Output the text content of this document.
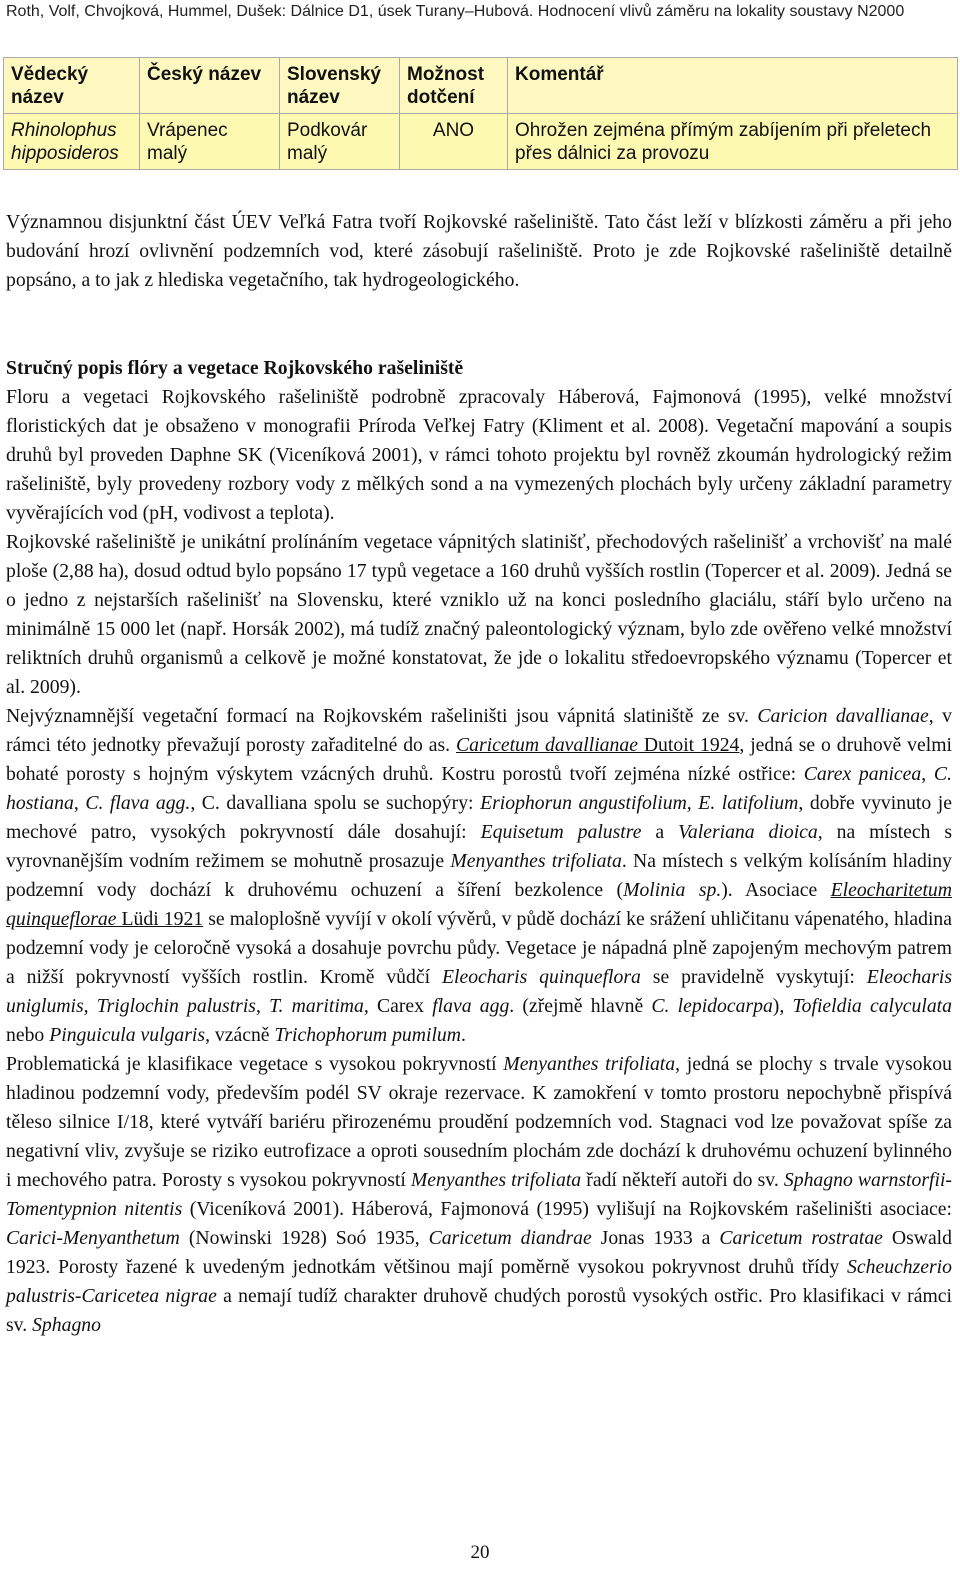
Roth, Volf, Chvojková, Hummel, Dušek: Dálnice D1, úsek Turany–Hubová. Hodnocení vlivů záměru na lokality soustavy N2000
Vědecký název	Český název	Slovenský název	Možnost dotčení	Komentář
Rhinolophus hipposideros	Vrápenec malý	Podkovár malý	ANO	Ohrožen zejména přímým zabíjením při přeletech přes dálnici za provozu

Významnou disjunktní část ÚEV Veľká Fatra tvoří Rojkovské rašeliniště. Tato část leží v blízkosti záměru a při jeho budování hrozí ovlivnění podzemních vod, které zásobují rašeliniště. Proto je zde Rojkovské rašeliniště detailně popsáno, a to jak z hlediska vegetačního, tak hydrogeologického.

Stručný popis flóry a vegetace Rojkovského rašeliniště

Floru a vegetaci Rojkovského rašeliniště podrobně zpracovaly Háberová, Fajmonová (1995), velké množství floristických dat je obsaženo v monografii Príroda Veľkej Fatry (Kliment et al. 2008). Vegetační mapování a soupis druhů byl proveden Daphne SK (Viceníková 2001), v rámci tohoto projektu byl rovněž zkoumán hydrologický režim rašeliniště, byly provedeny rozbory vody z mělkých sond a na vymezených plochách byly určeny základní parametry vyvěrajících vod (pH, vodivost a teplota).

Rojkovské rašeliniště je unikátní prolínáním vegetace vápnitých slatinišť, přechodových rašelinišť a vrchovišť na malé ploše (2,88 ha), dosud odtud bylo popsáno 17 typů vegetace a 160 druhů vyšších rostlin (Topercer et al. 2009). Jedná se o jedno z nejstarších rašelinišť na Slovensku, které vzniklo už na konci posledního glaciálu, stáří bylo určeno na minimálně 15 000 let (např. Horsák 2002), má tudíž značný paleontologický význam, bylo zde ověřeno velké množství reliktních druhů organismů a celkově je možné konstatovat, že jde o lokalitu středoevropského významu (Topercer et al. 2009).

Nejvýznamnější vegetační formací na Rojkovském rašeliništi jsou vápnitá slatiniště ze sv. Caricion davallianae, v rámci této jednotky převažují porosty zařaditelné do as. Caricetum davallianae Dutoit 1924, jedná se o druhově velmi bohaté porosty s hojným výskytem vzácných druhů. Kostru porostů tvoří zejména nízké ostřice: Carex panicea, C. hostiana, C. flava agg., C. davalliana spolu se suchopýry: Eriophorun angustifolium, E. latifolium, dobře vyvinuto je mechové patro, vysokých pokryvností dále dosahují: Equisetum palustre a Valeriana dioica, na místech s vyrovnanějším vodním režimem se mohutně prosazuje Menyanthes trifoliata. Na místech s velkým kolísáním hladiny podzemní vody dochází k druhovému ochuzení a šíření bezkolence (Molinia sp.). Asociace Eleocharitetum quinqueflorae Lüdi 1921 se maloplošně vyvíjí v okolí vývěrů, v půdě dochází ke srážení uhličitanu vápenatého, hladina podzemní vody je celoročně vysoká a dosahuje povrchu půdy. Vegetace je nápadná plně zapojeným mechovým patrem a nižší pokryvností vyšších rostlin. Kromě vůdčí Eleocharis quinqueflora se pravidelně vyskytují: Eleocharis uniglumis, Triglochin palustris, T. maritima, Carex flava agg. (zřejmě hlavně C. lepidocarpa), Tofieldia calyculata nebo Pinguicula vulgaris, vzácně Trichophorum pumilum.

Problematická je klasifikace vegetace s vysokou pokryvností Menyanthes trifoliata, jedná se plochy s trvale vysokou hladinou podzemní vody, především podél SV okraje rezervace. K zamokření v tomto prostoru nepochybně přispívá těleso silnice I/18, které vytváří bariéru přirozenému proudění podzemních vod. Stagnaci vod lze považovat spíše za negativní vliv, zvyšuje se riziko eutrofizace a oproti sousedním plochám zde dochází k druhovému ochuzení bylinného i mechového patra. Porosty s vysokou pokryvností Menyanthes trifoliata řadí někteří autoři do sv. Sphagno warnstorfii-Tomentypnion nitentis (Viceníková 2001). Háberová, Fajmonová (1995) vylišují na Rojkovském rašeliništi asociace: Carici-Menyanthetum (Nowinski 1928) Soó 1935, Caricetum diandrae Jonas 1933 a Caricetum rostratae Oswald 1923. Porosty řazené k uvedeným jednotkám většinou mají poměrně vysokou pokryvnost druhů třídy Scheuchzerio palustris-Caricetea nigrae a nemají tudíž charakter druhově chudých porostů vysokých ostřic. Pro klasifikaci v rámci sv. Sphagno

20
